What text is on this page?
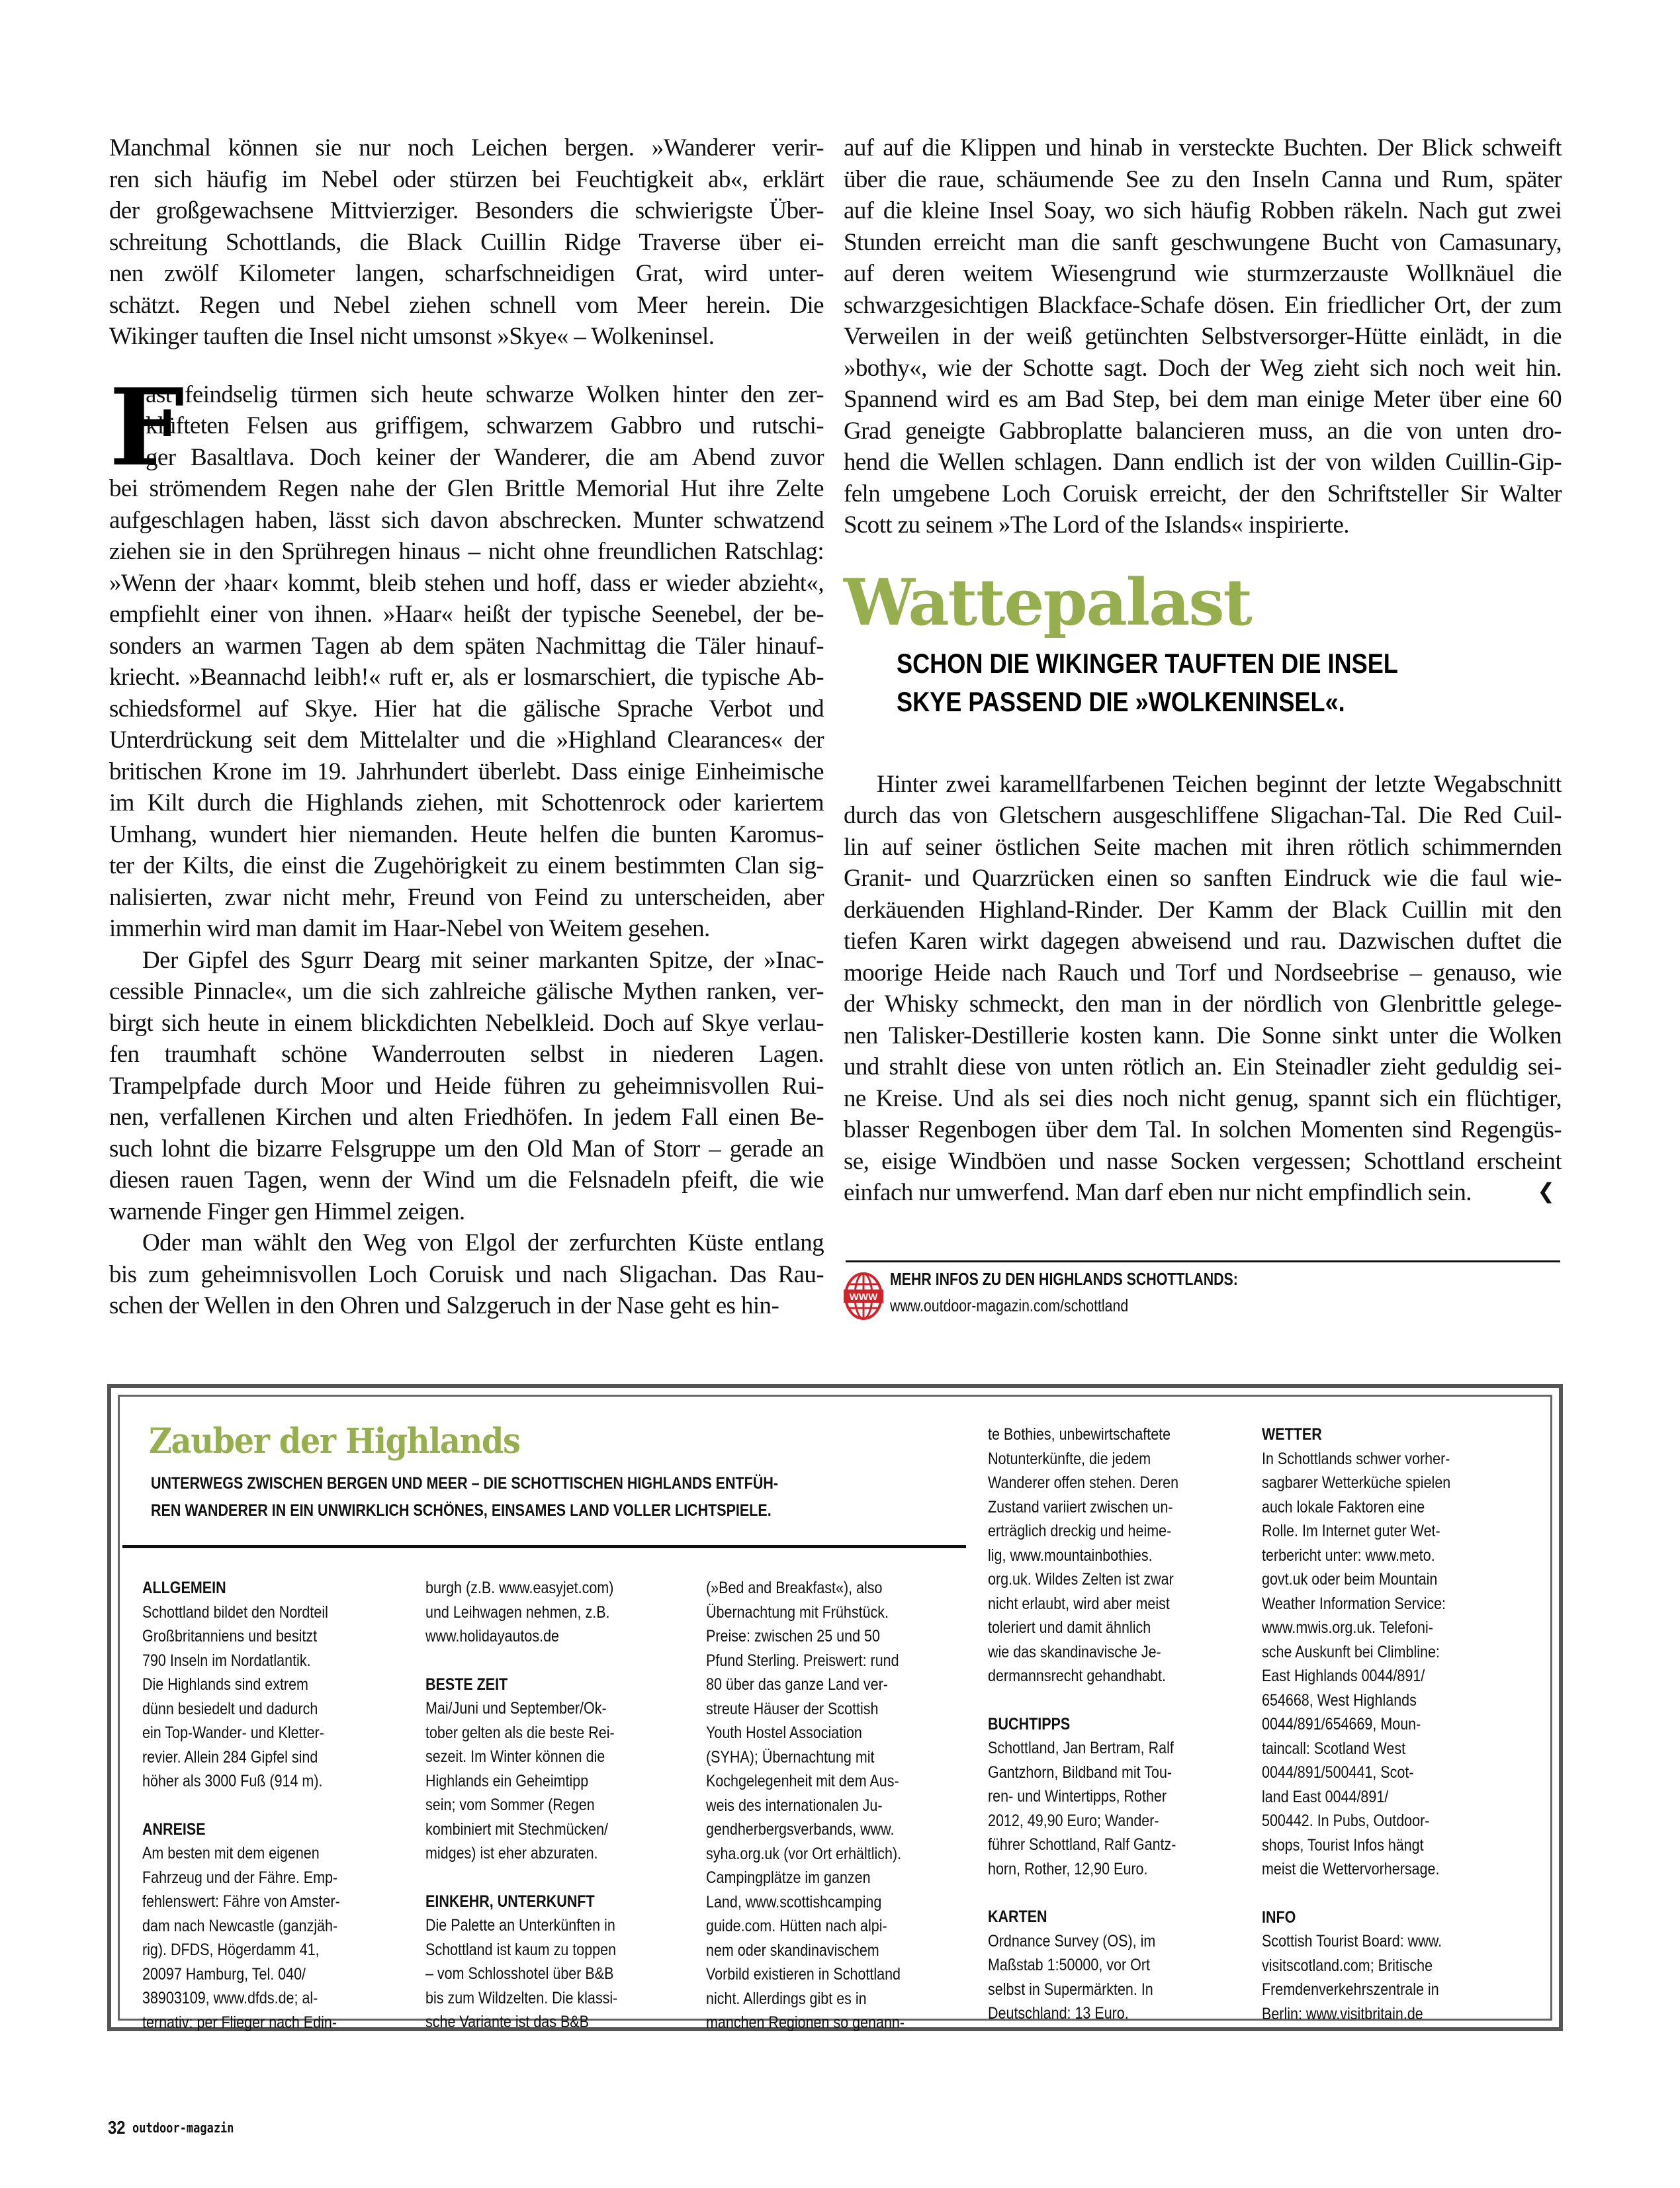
Manchmal können sie nur noch Leichen bergen. »Wanderer verir-
ren sich häufig im Nebel oder stürzen bei Feuchtigkeit ab«, erklärt
der großgewachsene Mittvierziger. Besonders die schwierigste Über-
schreitung Schottlands, die Black Cuillin Ridge Traverse über ei-
nen zwölf Kilometer langen, scharfschneidigen Grat, wird unter-
schätzt. Regen und Nebel ziehen schnell vom Meer herein. Die
Wikinger tauften die Insel nicht umsonst »Skye« – Wolkeninsel.
F
ast feindselig türmen sich heute schwarze Wolken hinter den zer-
klüfteten Felsen aus griffigem, schwarzem Gabbro und rutschi-
ger Basaltlava. Doch keiner der Wanderer, die am Abend zuvor
bei strömendem Regen nahe der Glen Brittle Memorial Hut ihre Zelte
aufgeschlagen haben, lässt sich davon abschrecken. Munter schwatzend
ziehen sie in den Sprühregen hinaus – nicht ohne freundlichen Ratschlag:
»Wenn der ›haar‹ kommt, bleib stehen und hoff, dass er wieder abzieht«,
empfiehlt einer von ihnen. »Haar« heißt der typische Seenebel, der be-
sonders an warmen Tagen ab dem späten Nachmittag die Täler hinauf-
kriecht. »Beannachd leibh!« ruft er, als er losmarschiert, die typische Ab-
schiedsformel auf Skye. Hier hat die gälische Sprache Verbot und
Unterdrückung seit dem Mittelalter und die »Highland Clearances« der
britischen Krone im 19. Jahrhundert überlebt. Dass einige Einheimische
im Kilt durch die Highlands ziehen, mit Schottenrock oder kariertem
Umhang, wundert hier niemanden. Heute helfen die bunten Karomus-
ter der Kilts, die einst die Zugehörigkeit zu einem bestimmten Clan sig-
nalisierten, zwar nicht mehr, Freund von Feind zu unterscheiden, aber
immerhin wird man damit im Haar-Nebel von Weitem gesehen.
Der Gipfel des Sgurr Dearg mit seiner markanten Spitze, der »Inac-
cessible Pinnacle«, um die sich zahlreiche gälische Mythen ranken, ver-
birgt sich heute in einem blickdichten Nebelkleid. Doch auf Skye verlau-
fen traumhaft schöne Wanderrouten selbst in niederen Lagen.
Trampelpfade durch Moor und Heide führen zu geheimnisvollen Rui-
nen, verfallenen Kirchen und alten Friedhöfen. In jedem Fall einen Be-
such lohnt die bizarre Felsgruppe um den Old Man of Storr – gerade an
diesen rauen Tagen, wenn der Wind um die Felsnadeln pfeift, die wie
warnende Finger gen Himmel zeigen.
Oder man wählt den Weg von Elgol der zerfurchten Küste entlang
bis zum geheimnisvollen Loch Coruisk und nach Sligachan. Das Rau-
schen der Wellen in den Ohren und Salzgeruch in der Nase geht es hin-
auf auf die Klippen und hinab in versteckte Buchten. Der Blick schweift
über die raue, schäumende See zu den Inseln Canna und Rum, später
auf die kleine Insel Soay, wo sich häufig Robben räkeln. Nach gut zwei
Stunden erreicht man die sanft geschwungene Bucht von Camasunary,
auf deren weitem Wiesengrund wie sturmzerzauste Wollknäuel die
schwarzgesichtigen Blackface-Schafe dösen. Ein friedlicher Ort, der zum
Verweilen in der weiß getünchten Selbstversorger-Hütte einlädt, in die
»bothy«, wie der Schotte sagt. Doch der Weg zieht sich noch weit hin.
Spannend wird es am Bad Step, bei dem man einige Meter über eine 60
Grad geneigte Gabbroplatte balancieren muss, an die von unten dro-
hend die Wellen schlagen. Dann endlich ist der von wilden Cuillin-Gip-
feln umgebene Loch Coruisk erreicht, der den Schriftsteller Sir Walter
Scott zu seinem »The Lord of the Islands« inspirierte.
Wattepalast
SCHON DIE WIKINGER TAUFTEN DIE INSEL
SKYE PASSEND DIE »WOLKENINSEL«.
Hinter zwei karamellfarbenen Teichen beginnt der letzte Wegabschnitt
durch das von Gletschern ausgeschliffene Sligachan-Tal. Die Red Cuil-
lin auf seiner östlichen Seite machen mit ihren rötlich schimmernden
Granit- und Quarzrücken einen so sanften Eindruck wie die faul wie-
derkäuenden Highland-Rinder. Der Kamm der Black Cuillin mit den
tiefen Karen wirkt dagegen abweisend und rau. Dazwischen duftet die
moorige Heide nach Rauch und Torf und Nordseebrise – genauso, wie
der Whisky schmeckt, den man in der nördlich von Glenbrittle gelege-
nen Talisker-Destillerie kosten kann. Die Sonne sinkt unter die Wolken
und strahlt diese von unten rötlich an. Ein Steinadler zieht geduldig sei-
ne Kreise. Und als sei dies noch nicht genug, spannt sich ein flüchtiger,
blasser Regenbogen über dem Tal. In solchen Momenten sind Regengüs-
se, eisige Windböen und nasse Socken vergessen; Schottland erscheint
einfach nur umwerfend. Man darf eben nur nicht empfindlich sein.	❮
WWW
MEHR INFOS ZU DEN HIGHLANDS SCHOTTLANDS:
www.outdoor-magazin.com/schottland
Zauber der Highlands
UNTERWEGS ZWISCHEN BERGEN UND MEER – DIE SCHOTTISCHEN HIGHLANDS ENTFÜH-
REN WANDERER IN EIN UNWIRKLICH SCHÖNES, EINSAMES LAND VOLLER LICHTSPIELE.
ALLGEMEIN
Schottland bildet den Nordteil
Großbritanniens und besitzt
790 Inseln im Nordatlantik.
Die Highlands sind extrem
dünn besiedelt und dadurch
ein Top-Wander- und Kletter-
revier. Allein 284 Gipfel sind
höher als 3000 Fuß (914 m).
ANREISE
Am besten mit dem eigenen
Fahrzeug und der Fähre. Emp-
fehlenswert: Fähre von Amster-
dam nach Newcastle (ganzjäh-
rig). DFDS, Högerdamm 41,
20097 Hamburg, Tel. 040/
38903109, www.dfds.de; al-
ternativ: per Flieger nach Edin-
burgh (z.B. www.easyjet.com)
und Leihwagen nehmen, z.B.
www.holidayautos.de
BESTE ZEIT
Mai/Juni und September/Ok-
tober gelten als die beste Rei-
sezeit. Im Winter können die
Highlands ein Geheimtipp
sein; vom Sommer (Regen
kombiniert mit Stechmücken/
midges) ist eher abzuraten.
EINKEHR, UNTERKUNFT
Die Palette an Unterkünften in
Schottland ist kaum zu toppen
– vom Schlosshotel über B&B
bis zum Wildzelten. Die klassi-
sche Variante ist das B&B
(»Bed and Breakfast«), also
Übernachtung mit Frühstück.
Preise: zwischen 25 und 50
Pfund Sterling. Preiswert: rund
80 über das ganze Land ver-
streute Häuser der Scottish
Youth Hostel Association
(SYHA); Übernachtung mit
Kochgelegenheit mit dem Aus-
weis des internationalen Ju-
gendherbergsverbands, www.
syha.org.uk (vor Ort erhältlich).
Campingplätze im ganzen
Land, www.scottishcamping
guide.com. Hütten nach alpi-
nem oder skandinavischem
Vorbild existieren in Schottland
nicht. Allerdings gibt es in
manchen Regionen so genann-
te Bothies, unbewirtschaftete
Notunterkünfte, die jedem
Wanderer offen stehen. Deren
Zustand variiert zwischen un-
erträglich dreckig und heime-
lig, www.mountainbothies.
org.uk. Wildes Zelten ist zwar
nicht erlaubt, wird aber meist
toleriert und damit ähnlich
wie das skandinavische Je-
dermannsrecht gehandhabt.
BUCHTIPPS
Schottland, Jan Bertram, Ralf
Gantzhorn, Bildband mit Tou-
ren- und Wintertipps, Rother
2012, 49,90 Euro; Wander-
führer Schottland, Ralf Gantz-
horn, Rother, 12,90 Euro.
KARTEN
Ordnance Survey (OS), im
Maßstab 1:50000, vor Ort
selbst in Supermärkten. In
Deutschland: 13 Euro.
WETTER
In Schottlands schwer vorher-
sagbarer Wetterküche spielen
auch lokale Faktoren eine
Rolle. Im Internet guter Wet-
terbericht unter: www.meto.
govt.uk oder beim Mountain
Weather Information Service:
www.mwis.org.uk. Telefoni-
sche Auskunft bei Climbline:
East Highlands 0044/891/
654668, West Highlands
0044/891/654669, Moun-
taincall: Scotland West
0044/891/500441, Scot-
land East 0044/891/
500442. In Pubs, Outdoor-
shops, Tourist Infos hängt
meist die Wettervorhersage.
INFO
Scottish Tourist Board: www.
visitscotland.com; Britische
Fremdenverkehrszentrale in
Berlin: www.visitbritain.de
32 outdoor-magazin
